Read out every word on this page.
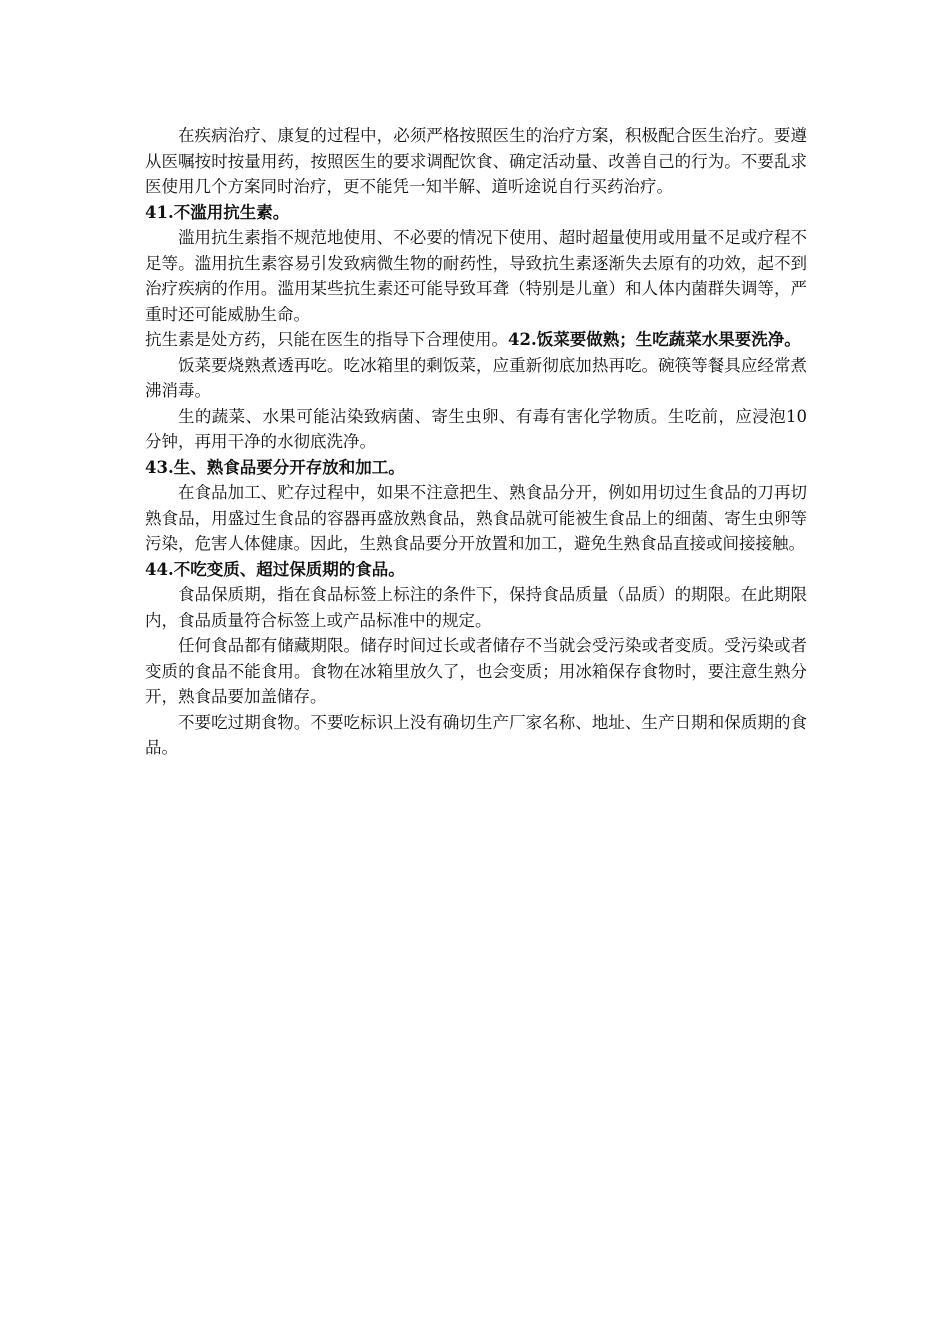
在疾病治疗、康复的过程中，必须严格按照医生的治疗方案，积极配合医生治疗。要遵从医嘱按时按量用药，按照医生的要求调配饮食、确定活动量、改善自己的行为。不要乱求医使用几个方案同时治疗，更不能凭一知半解、道听途说自行买药治疗。

41.不滥用抗生素。

滥用抗生素指不规范地使用、不必要的情况下使用、超时超量使用或用量不足或疗程不足等。滥用抗生素容易引发致病微生物的耐药性，导致抗生素逐渐失去原有的功效，起不到治疗疾病的作用。滥用某些抗生素还可能导致耳聋（特别是儿童）和人体内菌群失调等，严重时还可能威胁生命。

抗生素是处方药，只能在医生的指导下合理使用。42.饭菜要做熟；生吃蔬菜水果要洗净。

饭菜要烧熟煮透再吃。吃冰箱里的剩饭菜，应重新彻底加热再吃。碗筷等餐具应经常煮沸消毒。

生的蔬菜、水果可能沾染致病菌、寄生虫卵、有毒有害化学物质。生吃前，应浸泡10分钟，再用干净的水彻底洗净。

43.生、熟食品要分开存放和加工。

在食品加工、贮存过程中，如果不注意把生、熟食品分开，例如用切过生食品的刀再切熟食品，用盛过生食品的容器再盛放熟食品，熟食品就可能被生食品上的细菌、寄生虫卵等污染，危害人体健康。因此，生熟食品要分开放置和加工，避免生熟食品直接或间接接触。

44.不吃变质、超过保质期的食品。

食品保质期，指在食品标签上标注的条件下，保持食品质量（品质）的期限。在此期限内，食品质量符合标签上或产品标准中的规定。

任何食品都有储藏期限。储存时间过长或者储存不当就会受污染或者变质。受污染或者变质的食品不能食用。食物在冰箱里放久了，也会变质；用冰箱保存食物时，要注意生熟分开，熟食品要加盖储存。

不要吃过期食物。不要吃标识上没有确切生产厂家名称、地址、生产日期和保质期的食品。
